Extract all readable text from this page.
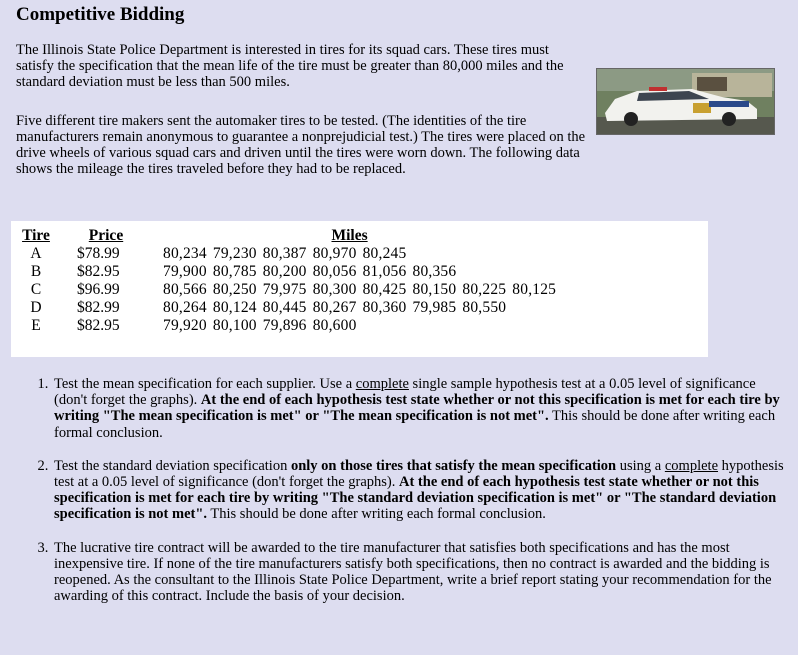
Competitive Bidding

The Illinois State Police Department is interested in tires for its squad cars. These tires must satisfy the specification that the mean life of the tire must be greater than 80,000 miles and the standard deviation must be less than 500 miles.

Five different tire makers sent the automaker tires to be tested. (The identities of the tire manufacturers remain anonymous to guarantee a nonprejudicial test.) The tires were placed on the drive wheels of various squad cars and driven until the tires were worn down. The following data shows the mileage the tires traveled before they had to be replaced.

Tire	Price	Miles
A	$78.99	80,234 79,230 80,387 80,970 80,245
B	$82.95	79,900 80,785 80,200 80,056 81,056 80,356
C	$96.99	80,566 80,250 79,975 80,300 80,425 80,150 80,225 80,125
D	$82.99	80,264 80,124 80,445 80,267 80,360 79,985 80,550
E	$82.95	79,920 80,100 79,896 80,600
1. Test the mean specification for each supplier. Use a complete single sample hypothesis test at a 0.05 level of significance (don't forget the graphs). At the end of each hypothesis test state whether or not this specification is met for each tire by writing "The mean specification is met" or "The mean specification is not met". This should be done after writing each formal conclusion.
2. Test the standard deviation specification only on those tires that satisfy the mean specification using a complete hypothesis test at a 0.05 level of significance (don't forget the graphs). At the end of each hypothesis test state whether or not this specification is met for each tire by writing "The standard deviation specification is met" or "The standard deviation specification is not met". This should be done after writing each formal conclusion.
3. The lucrative tire contract will be awarded to the tire manufacturer that satisfies both specifications and has the most inexpensive tire. If none of the tire manufacturers satisfy both specifications, then no contract is awarded and the bidding is reopened. As the consultant to the Illinois State Police Department, write a brief report stating your recommendation for the awarding of this contract. Include the basis of your decision.
